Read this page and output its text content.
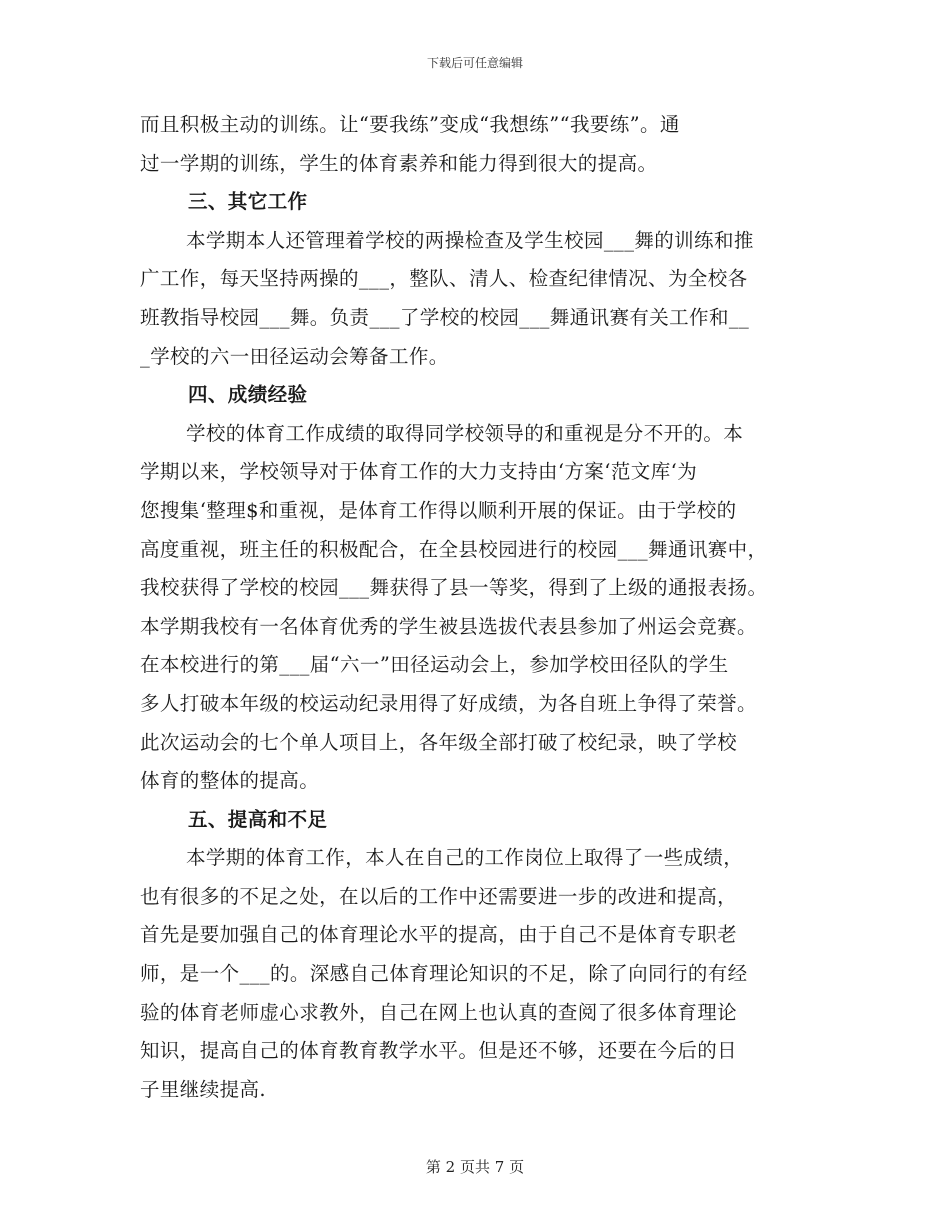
下载后可任意编辑
而且积极主动的训练。让“要我练”变成“我想练”“我要练”。通
过一学期的训练，学生的体育素养和能力得到很大的提高。
三、其它工作
本学期本人还管理着学校的两操检查及学生校园___舞的训练和推
广工作，每天坚持两操的___，整队、清人、检查纪律情况、为全校各
班教指导校园___舞。负责___了学校的校园___舞通讯赛有关工作和__
_学校的六一田径运动会筹备工作。
四、成绩经验
学校的体育工作成绩的取得同学校领导的和重视是分不开的。本
学期以来，学校领导对于体育工作的大力支持由‘方案‘范文库‘为
您搜集‘整理$和重视，是体育工作得以顺利开展的保证。由于学校的
高度重视，班主任的积极配合，在全县校园进行的校园___舞通讯赛中，
我校获得了学校的校园___舞获得了县一等奖，得到了上级的通报表扬。
本学期我校有一名体育优秀的学生被县选拔代表县参加了州运会竞赛。
在本校进行的第___届“六一”田径运动会上，参加学校田径队的学生
多人打破本年级的校运动纪录用得了好成绩，为各自班上争得了荣誉。
此次运动会的七个单人项目上，各年级全部打破了校纪录，映了学校
体育的整体的提高。
五、提高和不足
本学期的体育工作，本人在自己的工作岗位上取得了一些成绩，
也有很多的不足之处，在以后的工作中还需要进一步的改进和提高，
首先是要加强自己的体育理论水平的提高，由于自己不是体育专职老
师，是一个___的。深感自己体育理论知识的不足，除了向同行的有经
验的体育老师虚心求教外，自己在网上也认真的查阅了很多体育理论
知识，提高自己的体育教育教学水平。但是还不够，还要在今后的日
子里继续提高.
第 2 页共 7 页
